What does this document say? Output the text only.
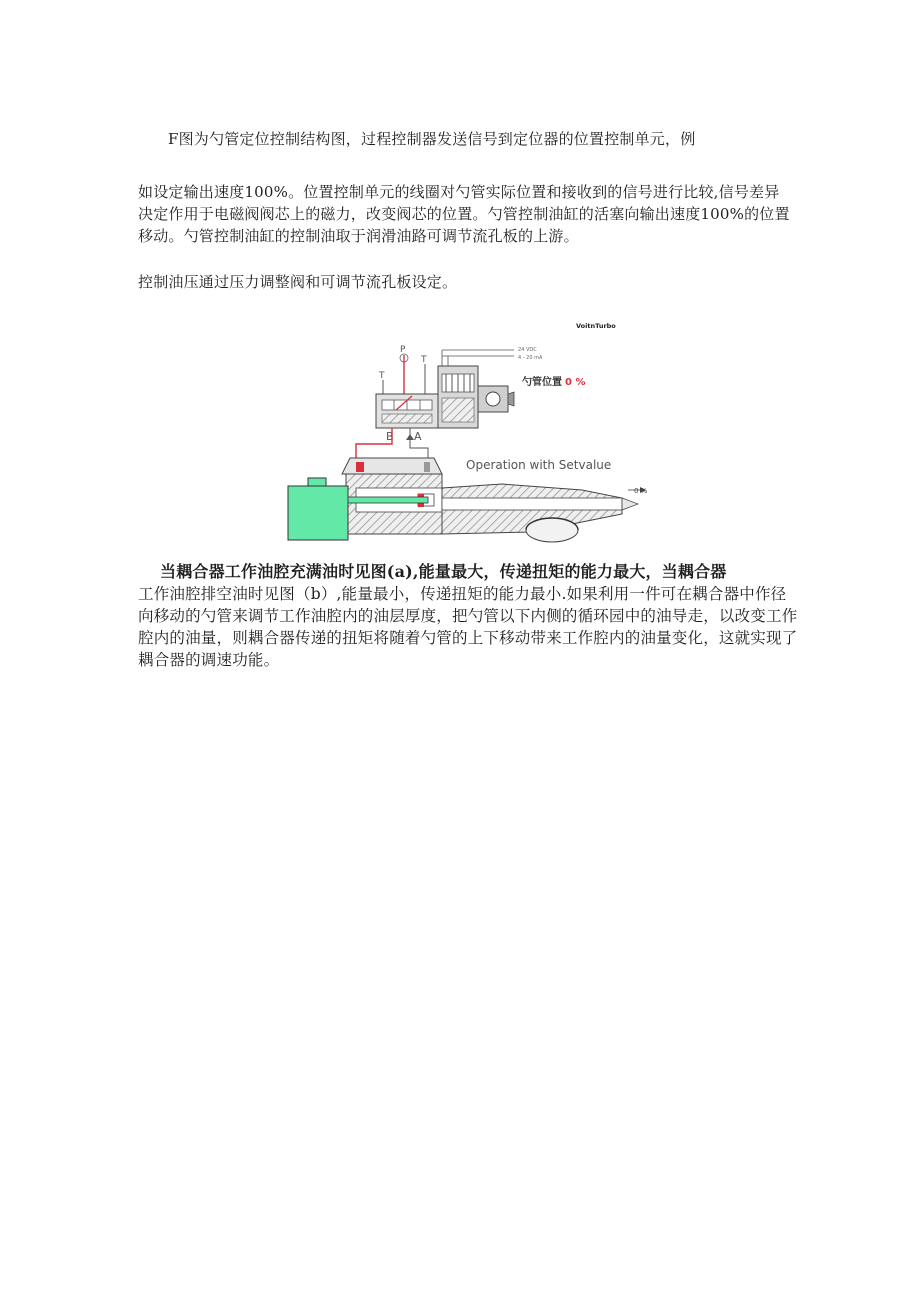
F图为勺管定位控制结构图，过程控制器发送信号到定位器的位置控制单元，例

如设定输出速度100%。位置控制单元的线圈对勺管实际位置和接收到的信号进行比较,信号差异

决定作用于电磁阀阀芯上的磁力，改变阀芯的位置。勺管控制油缸的活塞向输出速度100%的位置

移动。勺管控制油缸的控制油取于润滑油路可调节流孔板的上游。

控制油压通过压力调整阀和可调节流孔板设定。

VoitnTurbo
24 VDC
4 - 20 mA
T
P
T
勺管位置 0 %
B A
Operation with Setvalue
0 %

当耦合器工作油腔充满油时见图(a),能量最大，传递扭矩的能力最大，当耦合器

工作油腔排空油时见图（b）,能量最小，传递扭矩的能力最小.如果利用一件可在耦合器中作径

向移动的勺管来调节工作油腔内的油层厚度，把勺管以下内侧的循环园中的油导走，以改变工作

腔内的油量，则耦合器传递的扭矩将随着勺管的上下移动带来工作腔内的油量变化，这就实现了

耦合器的调速功能。
